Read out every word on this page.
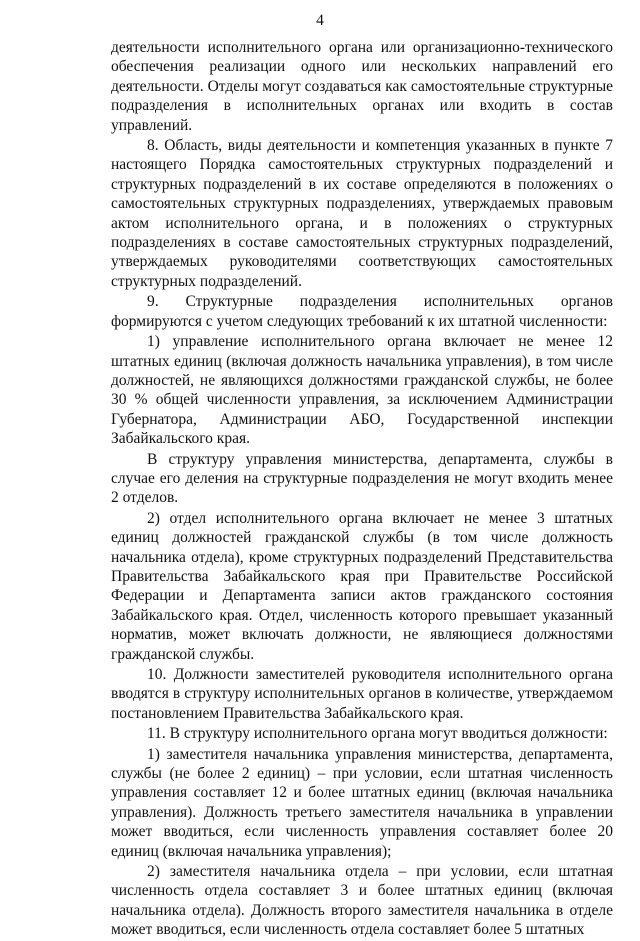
4

деятельности исполнительного органа или организационно-технического обеспечения реализации одного или нескольких направлений его деятельности. Отделы могут создаваться как самостоятельные структурные подразделения в исполнительных органах или входить в состав управлений.

8. Область, виды деятельности и компетенция указанных в пункте 7 настоящего Порядка самостоятельных структурных подразделений и структурных подразделений в их составе определяются в положениях о самостоятельных структурных подразделениях, утверждаемых правовым актом исполнительного органа, и в положениях о структурных подразделениях в составе самостоятельных структурных подразделений, утверждаемых руководителями соответствующих самостоятельных структурных подразделений.

9. Структурные подразделения исполнительных органов формируются с учетом следующих требований к их штатной численности:

1) управление исполнительного органа включает не менее 12 штатных единиц (включая должность начальника управления), в том числе должностей, не являющихся должностями гражданской службы, не более 30 % общей численности управления, за исключением Администрации Губернатора, Администрации АБО, Государственной инспекции Забайкальского края.

В структуру управления министерства, департамента, службы в случае его деления на структурные подразделения не могут входить менее 2 отделов.

2) отдел исполнительного органа включает не менее 3 штатных единиц должностей гражданской службы (в том числе должность начальника отдела), кроме структурных подразделений Представительства Правительства Забайкальского края при Правительстве Российской Федерации и Департамента записи актов гражданского состояния Забайкальского края. Отдел, численность которого превышает указанный норматив, может включать должности, не являющиеся должностями гражданской службы.

10. Должности заместителей руководителя исполнительного органа вводятся в структуру исполнительных органов в количестве, утверждаемом постановлением Правительства Забайкальского края.

11. В структуру исполнительного органа могут вводиться должности:

1) заместителя начальника управления министерства, департамента, службы (не более 2 единиц) – при условии, если штатная численность управления составляет 12 и более штатных единиц (включая начальника управления). Должность третьего заместителя начальника в управлении может вводиться, если численность управления составляет более 20 единиц (включая начальника управления);

2) заместителя начальника отдела – при условии, если штатная численность отдела составляет 3 и более штатных единиц (включая начальника отдела). Должность второго заместителя начальника в отделе может вводиться, если численность отдела составляет более 5 штатных
